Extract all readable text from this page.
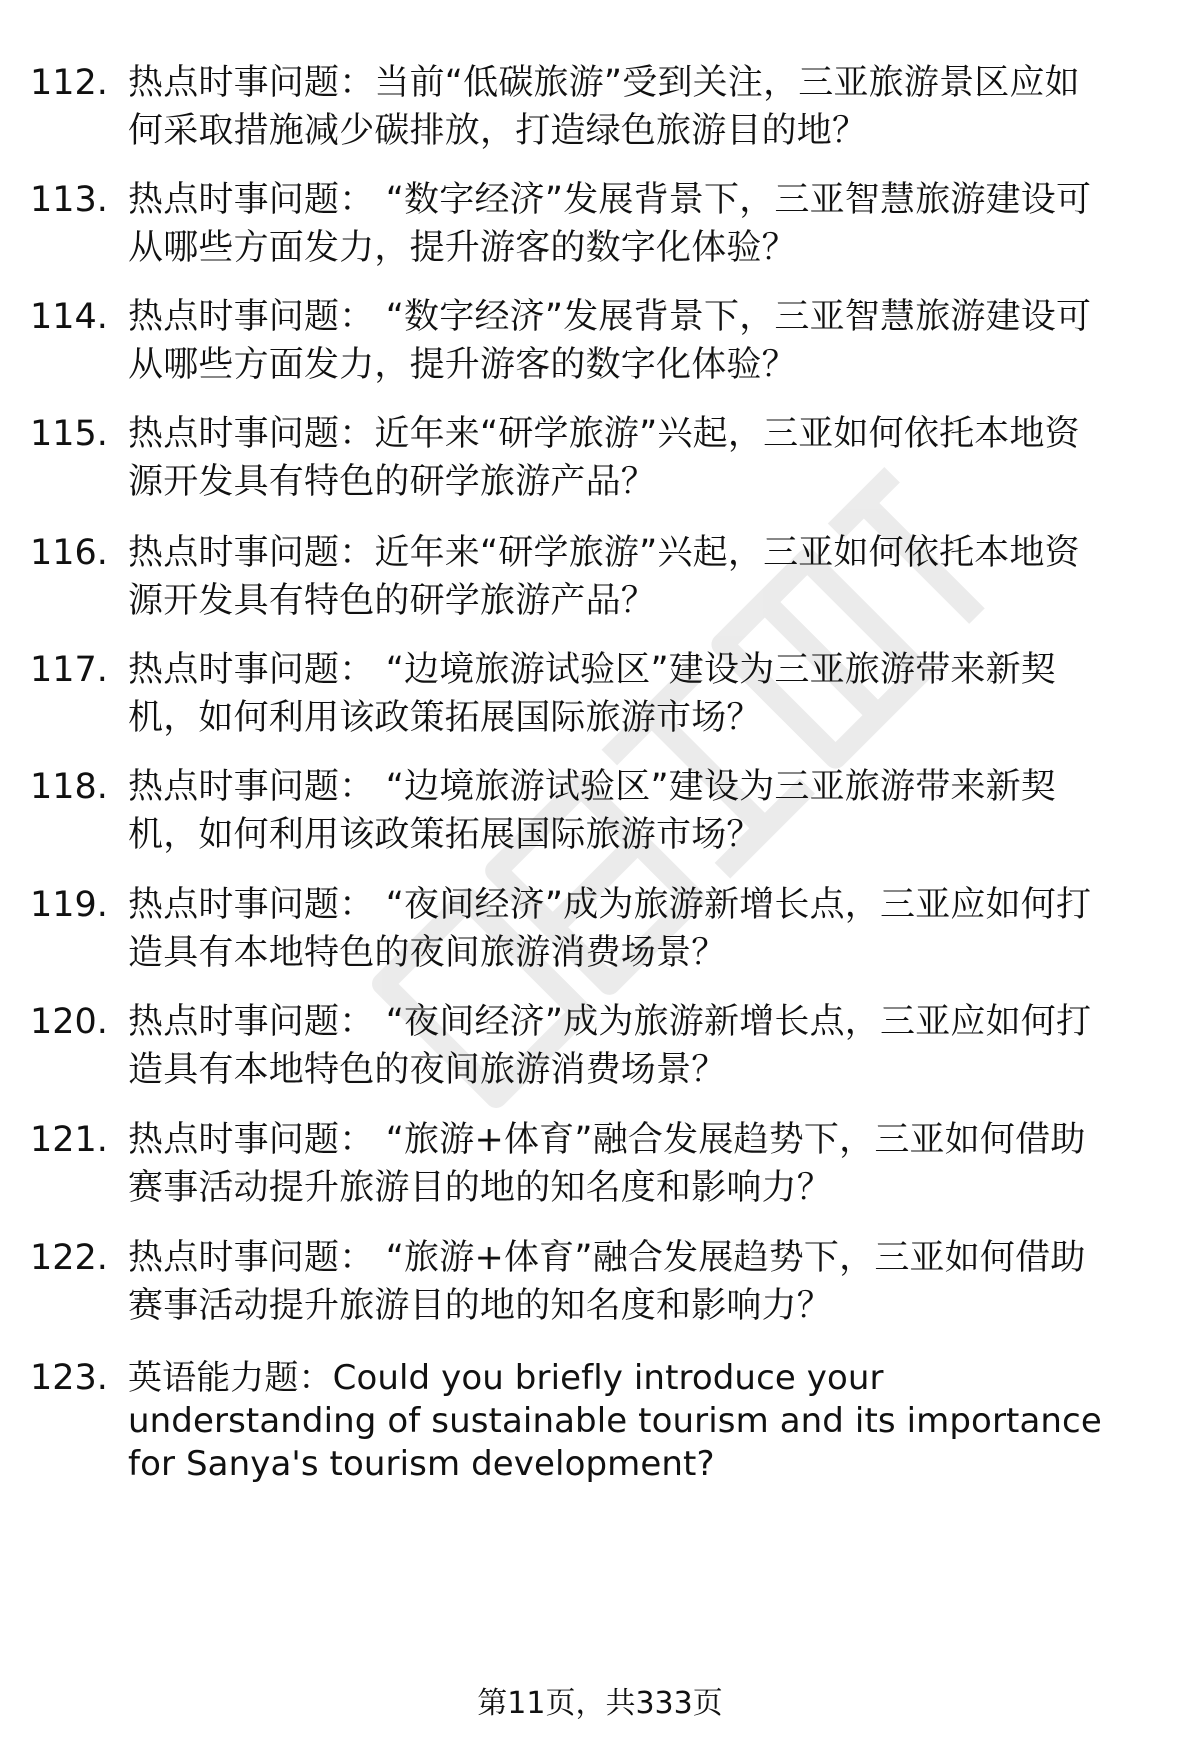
112. 热点时事问题：当前“低碳旅游”受到关注，三亚旅游景区应如
何采取措施减少碳排放，打造绿色旅游目的地？
113. 热点时事问题： “数字经济”发展背景下，三亚智慧旅游建设可
从哪些方面发力，提升游客的数字化体验？
114. 热点时事问题： “数字经济”发展背景下，三亚智慧旅游建设可
从哪些方面发力，提升游客的数字化体验？
115. 热点时事问题：近年来“研学旅游”兴起，三亚如何依托本地资
源开发具有特色的研学旅游产品？
116. 热点时事问题：近年来“研学旅游”兴起，三亚如何依托本地资
源开发具有特色的研学旅游产品？
117. 热点时事问题： “边境旅游试验区”建设为三亚旅游带来新契
机，如何利用该政策拓展国际旅游市场？
118. 热点时事问题： “边境旅游试验区”建设为三亚旅游带来新契
机，如何利用该政策拓展国际旅游市场？
119. 热点时事问题： “夜间经济”成为旅游新增长点，三亚应如何打
造具有本地特色的夜间旅游消费场景？
120. 热点时事问题： “夜间经济”成为旅游新增长点，三亚应如何打
造具有本地特色的夜间旅游消费场景？
121. 热点时事问题： “旅游+体育”融合发展趋势下，三亚如何借助
赛事活动提升旅游目的地的知名度和影响力？
122. 热点时事问题： “旅游+体育”融合发展趋势下，三亚如何借助
赛事活动提升旅游目的地的知名度和影响力？
123. 英语能力题：Could you briefly introduce your
understanding of sustainable tourism and its importance
for Sanya's tourism development?
第11页，共333页
